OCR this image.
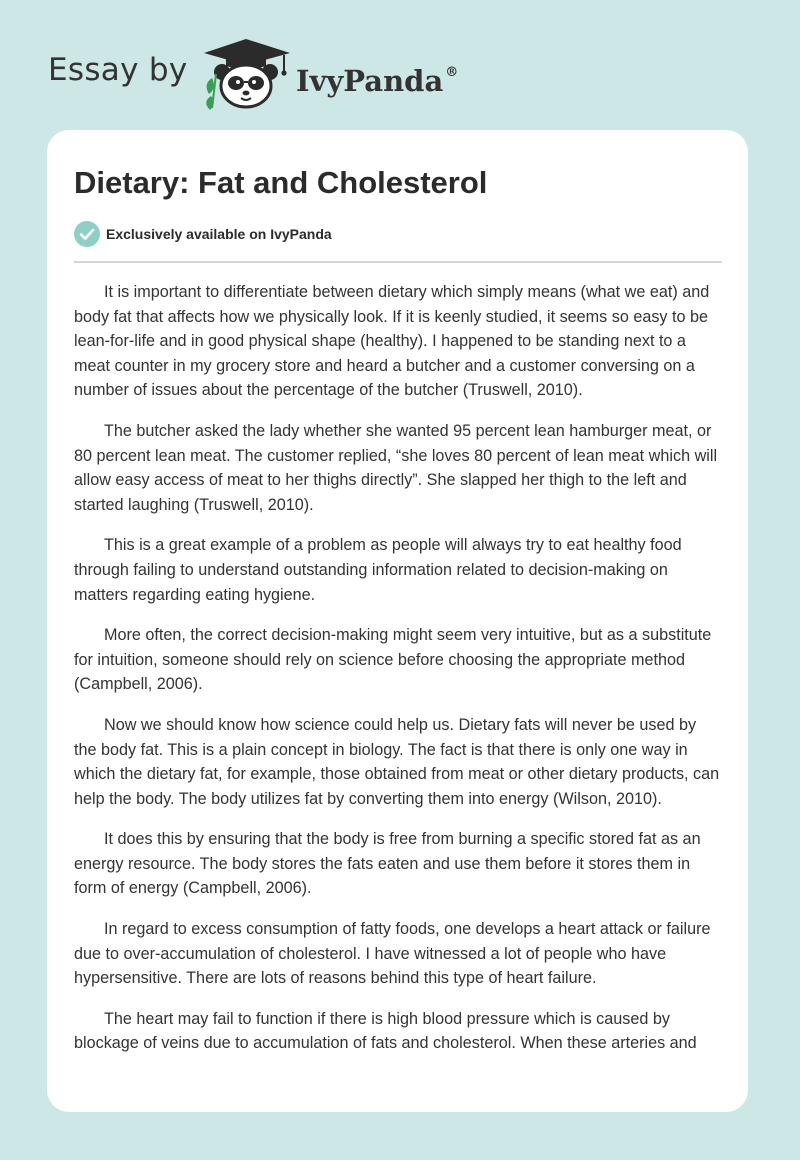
Essay by	IvyPanda ®
Dietary: Fat and Cholesterol
Exclusively available on IvyPanda

It is important to differentiate between dietary which simply means (what we eat) and body fat that affects how we physically look. If it is keenly studied, it seems so easy to be lean-for-life and in good physical shape (healthy). I happened to be standing next to a meat counter in my grocery store and heard a butcher and a customer conversing on a number of issues about the percentage of the butcher (Truswell, 2010).

The butcher asked the lady whether she wanted 95 percent lean hamburger meat, or 80 percent lean meat. The customer replied, “she loves 80 percent of lean meat which will allow easy access of meat to her thighs directly”. She slapped her thigh to the left and started laughing (Truswell, 2010).

This is a great example of a problem as people will always try to eat healthy food through failing to understand outstanding information related to decision-making on matters regarding eating hygiene.

More often, the correct decision-making might seem very intuitive, but as a substitute for intuition, someone should rely on science before choosing the appropriate method (Campbell, 2006).

Now we should know how science could help us. Dietary fats will never be used by the body fat. This is a plain concept in biology. The fact is that there is only one way in which the dietary fat, for example, those obtained from meat or other dietary products, can help the body. The body utilizes fat by converting them into energy (Wilson, 2010).

It does this by ensuring that the body is free from burning a specific stored fat as an energy resource. The body stores the fats eaten and use them before it stores them in form of energy (Campbell, 2006).

In regard to excess consumption of fatty foods, one develops a heart attack or failure due to over-accumulation of cholesterol. I have witnessed a lot of people who have hypersensitive. There are lots of reasons behind this type of heart failure.

The heart may fail to function if there is high blood pressure which is caused by blockage of veins due to accumulation of fats and cholesterol. When these arteries and
